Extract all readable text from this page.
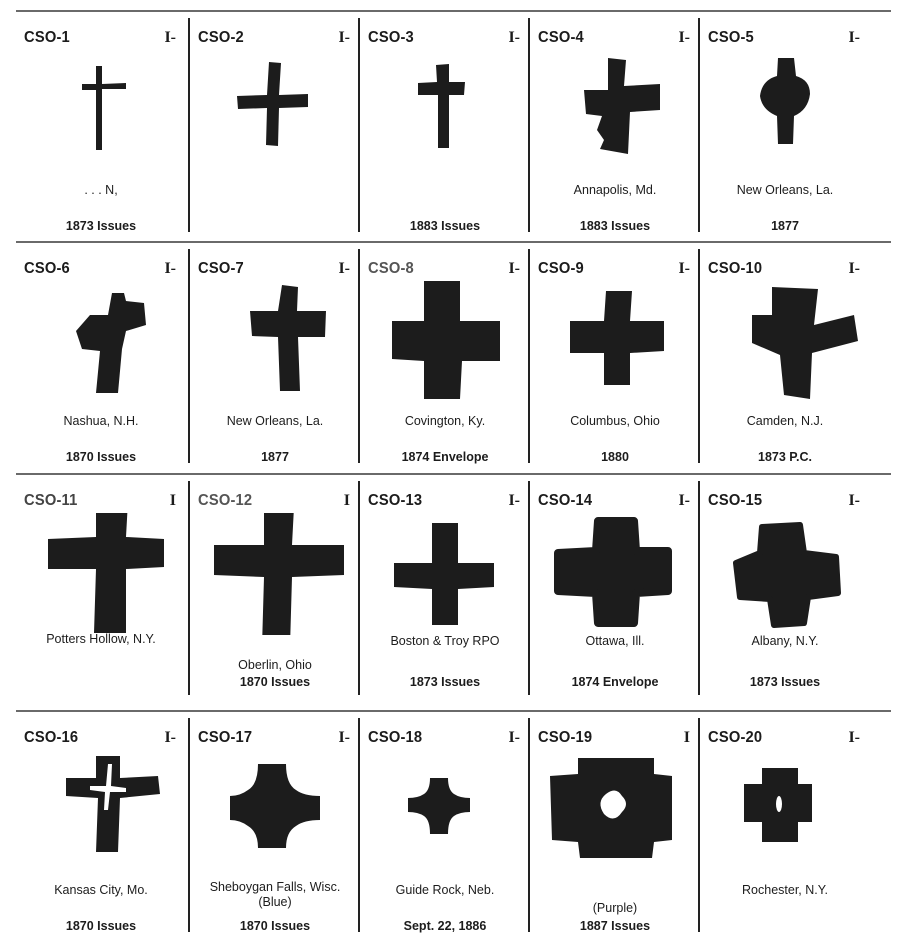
CSO-1	I-
. . . N,
1873 Issues
CSO-2	I- CSO-3	I-
1883 Issues
CSO-4	I-
Annapolis, Md.
1883 Issues
CSO-5	I-
New Orleans, La.
1877
CSO-6	I-
Nashua, N.H.
1870 Issues
CSO-7	I-
New Orleans, La.
1877
CSO-8	I-
Covington, Ky.
1874 Envelope
CSO-9	I-
Columbus, Ohio
1880
CSO-10	I-
Camden, N.J.
1873 P.C.
CSO-11	I
Potters Hollow, N.Y.
CSO-12	I
Oberlin, Ohio
1870 Issues
CSO-13	I-
Boston & Troy RPO
1873 Issues
CSO-14	I-
Ottawa, Ill.
1874 Envelope
CSO-15	I-
Albany, N.Y.
1873 Issues
CSO-16	I-
Kansas City, Mo.
1870 Issues
CSO-17	I-
Sheboygan Falls, Wisc.
(Blue)
1870 Issues
CSO-18	I-
Guide Rock, Neb.
Sept. 22, 1886
CSO-19	I
(Purple)
1887 Issues
CSO-20	I-
Rochester, N.Y.
